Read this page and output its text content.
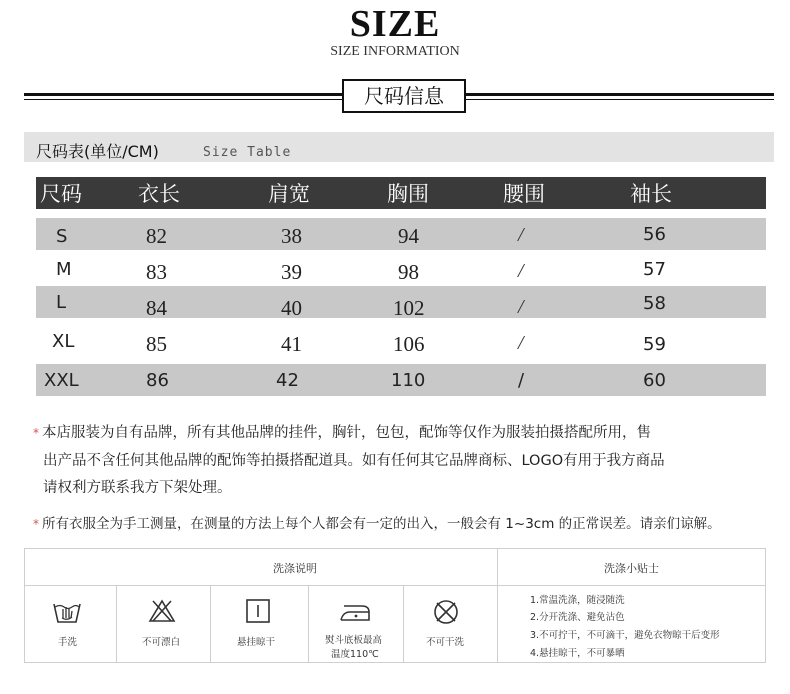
SIZE
SIZE INFORMATION
尺码信息
尺码表(单位/CM)	Size Table
尺码	衣长	肩宽	胸围	腰围	袖长
S	82	38	94	/	56
M	83	39	98	/	57
L	84	40	102	/	58
XL	85	41	106	/	59
XXL	86	42	110	/	60
* 本店服装为自有品牌，所有其他品牌的挂件，胸针，包包，配饰等仅作为服装拍摄搭配所用，售
出产品不含任何其他品牌的配饰等拍摄搭配道具。如有任何其它品牌商标、LOGO有用于我方商品
请权利方联系我方下架处理。
* 所有衣服全为手工测量，在测量的方法上每个人都会有一定的出入，一般会有 1~3cm 的正常误差。请亲们谅解。
洗涤说明	洗涤小贴士
手洗	不可漂白	悬挂晾干	熨斗底板最高
温度110℃
不可干洗
1.常温洗涤，随浸随洗
2.分开洗涤、避免沾色
3.不可拧干，不可滴干，避免衣物晾干后变形
4.悬挂晾干，不可暴晒
